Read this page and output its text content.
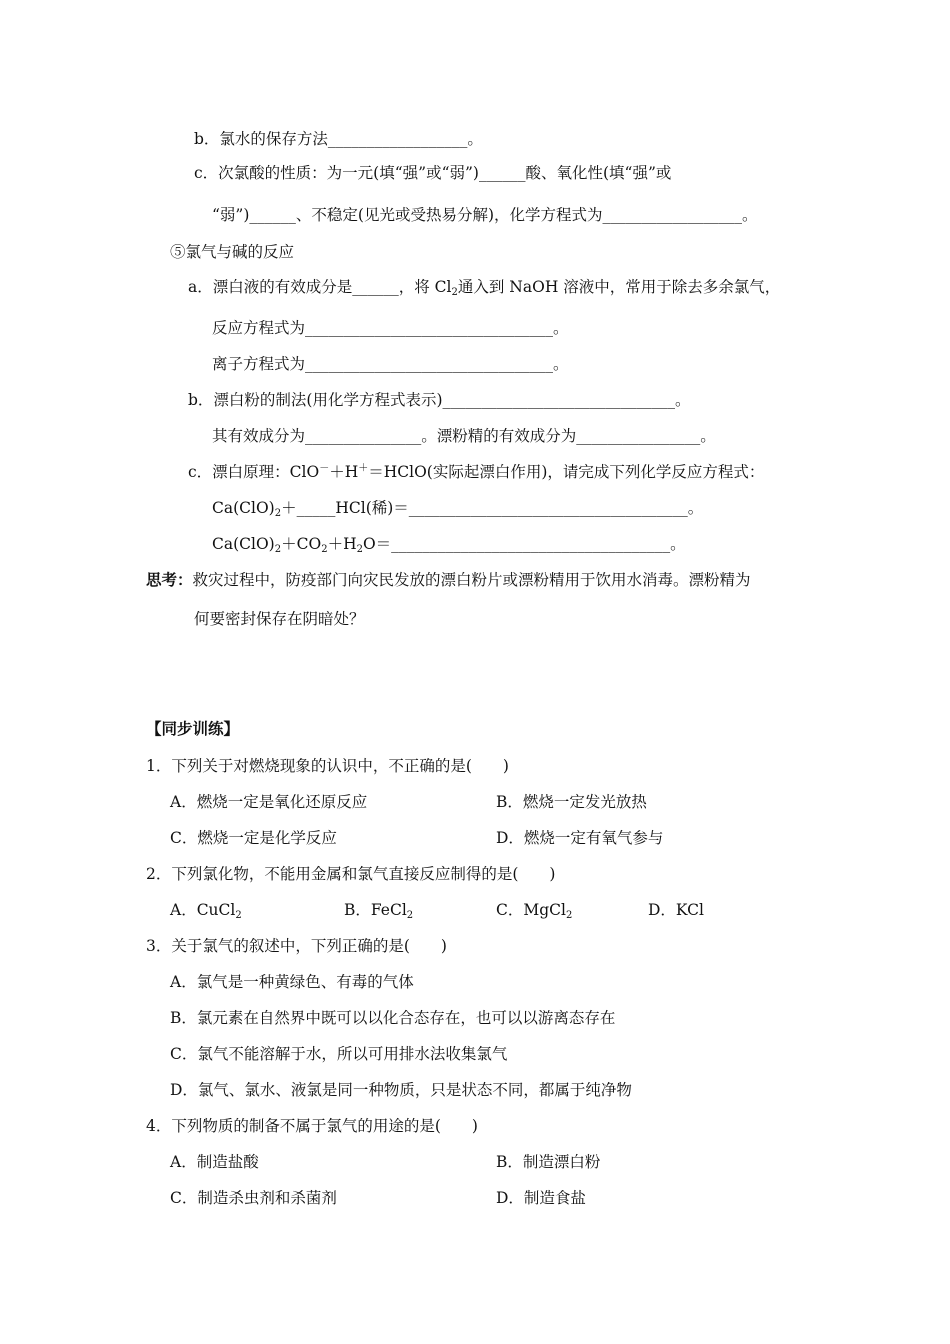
b．氯水的保存方法__________________。
c．次氯酸的性质：为一元(填“强”或“弱”)______酸、氧化性(填“强”或
“弱”)______、不稳定(见光或受热易分解)，化学方程式为__________________。
⑤氯气与碱的反应
a．漂白液的有效成分是______，将 $Cl_2$通入到 NaOH 溶液中，常用于除去多余氯气，
反应方程式为________________________________。
离子方程式为________________________________。
b．漂白粉的制法(用化学方程式表示)______________________________。
其有效成分为_______________。漂粉精的有效成分为________________。
c．漂白原理：ClO－＋H＋＝HClO(实际起漂白作用)，请完成下列化学反应方程式：
$Ca(ClO)_2+\_\_\_\_\_HCl$(稀)＝____________________________________。
$Ca(ClO)_2+CO_2+H_2O=\_\_\_\_\_\_\_\_\_\_\_\_\_\_\_\_\_\_\_\_\_\_\_\_\_\_\_\_\_\_\_\_\_\_\_\_$。
思考：救灾过程中，防疫部门向灾民发放的漂白粉片或漂粉精用于饮用水消毒。漂粉精为
何要密封保存在阴暗处？
【同步训练】
1．下列关于对燃烧现象的认识中，不正确的是(　　)
A．燃烧一定是氧化还原反应	B．燃烧一定发光放热
C．燃烧一定是化学反应	D．燃烧一定有氧气参与
2．下列氯化物，不能用金属和氯气直接反应制得的是(　　)
A．CuCl$_2$	B．FeCl$_2$	C．MgCl$_2$	D．KCl
3．关于氯气的叙述中，下列正确的是(　　)
A．氯气是一种黄绿色、有毒的气体
B．氯元素在自然界中既可以以化合态存在，也可以以游离态存在
C．氯气不能溶解于水，所以可用排水法收集氯气
D．氯气、氯水、液氯是同一种物质，只是状态不同，都属于纯净物
4．下列物质的制备不属于氯气的用途的是(　　)
A．制造盐酸	B．制造漂白粉
C．制造杀虫剂和杀菌剂	D．制造食盐
